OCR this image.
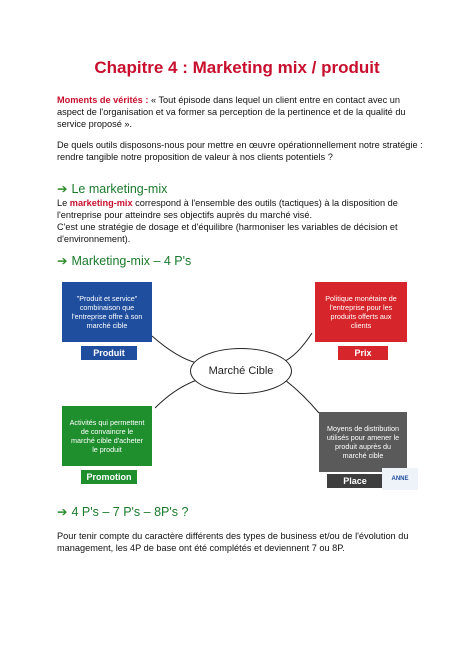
Chapitre 4 : Marketing mix / produit
Moments de vérités : « Tout épisode dans lequel un client entre en contact avec un aspect de l'organisation et va former sa perception de la pertinence et de la qualité du service proposé ».
De quels outils disposons-nous pour mettre en œuvre opérationnellement notre stratégie : rendre tangible notre proposition de valeur à nos clients potentiels ?
➔ Le marketing-mix
Le marketing-mix correspond à l'ensemble des outils (tactiques) à la disposition de l'entreprise pour atteindre ses objectifs auprès du marché visé.
C'est une stratégie de dosage et d'équilibre (harmoniser les variables de décision et d'environnement).
➔ Marketing-mix – 4 P's
"Produit et service" combinaison que l'entreprise offre à son marché cible
Produit
Politique monétaire de l'entreprise pour les produits offerts aux clients
Prix
Marché Cible
Activités qui permettent de convaincre le marché cible d'acheter le produit
Promotion
Moyens de distribution utilisés pour amener le produit auprès du marché cible
Place	ANNE
➔ 4 P's – 7 P's – 8P's ?
Pour tenir compte du caractère différents des types de business et/ou de l'évolution du management, les 4P de base ont été complétés et deviennent 7 ou 8P.
